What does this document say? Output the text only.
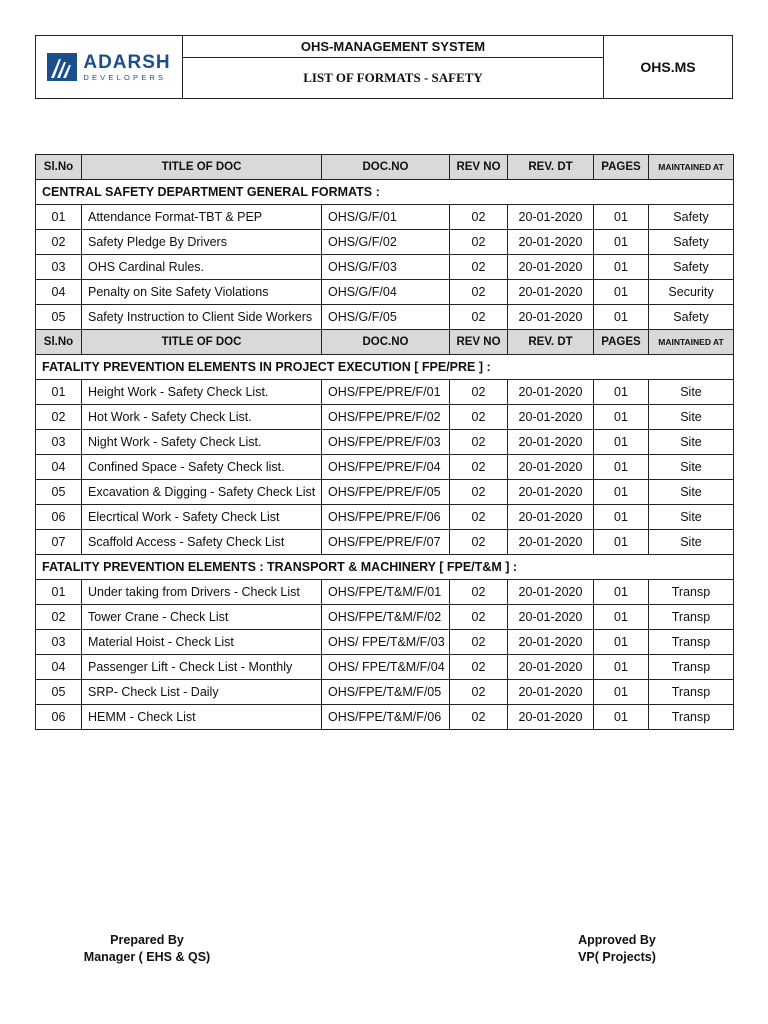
ADARSH
DEVELOPERS
OHS-MANAGEMENT SYSTEM
LIST OF FORMATS - SAFETY
OHS.MS
Sl.No	TITLE OF DOC	DOC.NO	REV NO	REV. DT	PAGES	MAINTAINED AT
CENTRAL SAFETY DEPARTMENT GENERAL FORMATS :						
01	Attendance Format-TBT & PEP	OHS/G/F/01	02	20-01-2020	01	Safety
02	Safety Pledge By Drivers	OHS/G/F/02	02	20-01-2020	01	Safety
03	OHS Cardinal Rules.	OHS/G/F/03	02	20-01-2020	01	Safety
04	Penalty on Site Safety Violations	OHS/G/F/04	02	20-01-2020	01	Security
05	Safety Instruction to Client Side Workers	OHS/G/F/05	02	20-01-2020	01	Safety
Sl.No	TITLE OF DOC	DOC.NO	REV NO	REV. DT	PAGES	MAINTAINED AT
FATALITY PREVENTION ELEMENTS IN PROJECT EXECUTION [ FPE/PRE ] :						
01	Height Work - Safety Check List.	OHS/FPE/PRE/F/01	02	20-01-2020	01	Site
02	Hot Work - Safety Check List.	OHS/FPE/PRE/F/02	02	20-01-2020	01	Site
03	Night Work - Safety Check List.	OHS/FPE/PRE/F/03	02	20-01-2020	01	Site
04	Confined Space - Safety Check list.	OHS/FPE/PRE/F/04	02	20-01-2020	01	Site
05	Excavation & Digging - Safety Check List	OHS/FPE/PRE/F/05	02	20-01-2020	01	Site
06	Elecrtical Work - Safety Check List	OHS/FPE/PRE/F/06	02	20-01-2020	01	Site
07	Scaffold Access - Safety Check List	OHS/FPE/PRE/F/07	02	20-01-2020	01	Site
FATALITY PREVENTION ELEMENTS : TRANSPORT & MACHINERY [ FPE/T&M ] :						
01	Under taking from Drivers - Check List	OHS/FPE/T&M/F/01	02	20-01-2020	01	Transp
02	Tower Crane - Check List	OHS/FPE/T&M/F/02	02	20-01-2020	01	Transp
03	Material Hoist - Check List	OHS/ FPE/T&M/F/03	02	20-01-2020	01	Transp
04	Passenger Lift - Check List - Monthly	OHS/ FPE/T&M/F/04	02	20-01-2020	01	Transp
05	SRP- Check List - Daily	OHS/FPE/T&M/F/05	02	20-01-2020	01	Transp
06	HEMM - Check List	OHS/FPE/T&M/F/06	02	20-01-2020	01	Transp
Prepared By
Manager ( EHS & QS)
Approved By
VP( Projects)
